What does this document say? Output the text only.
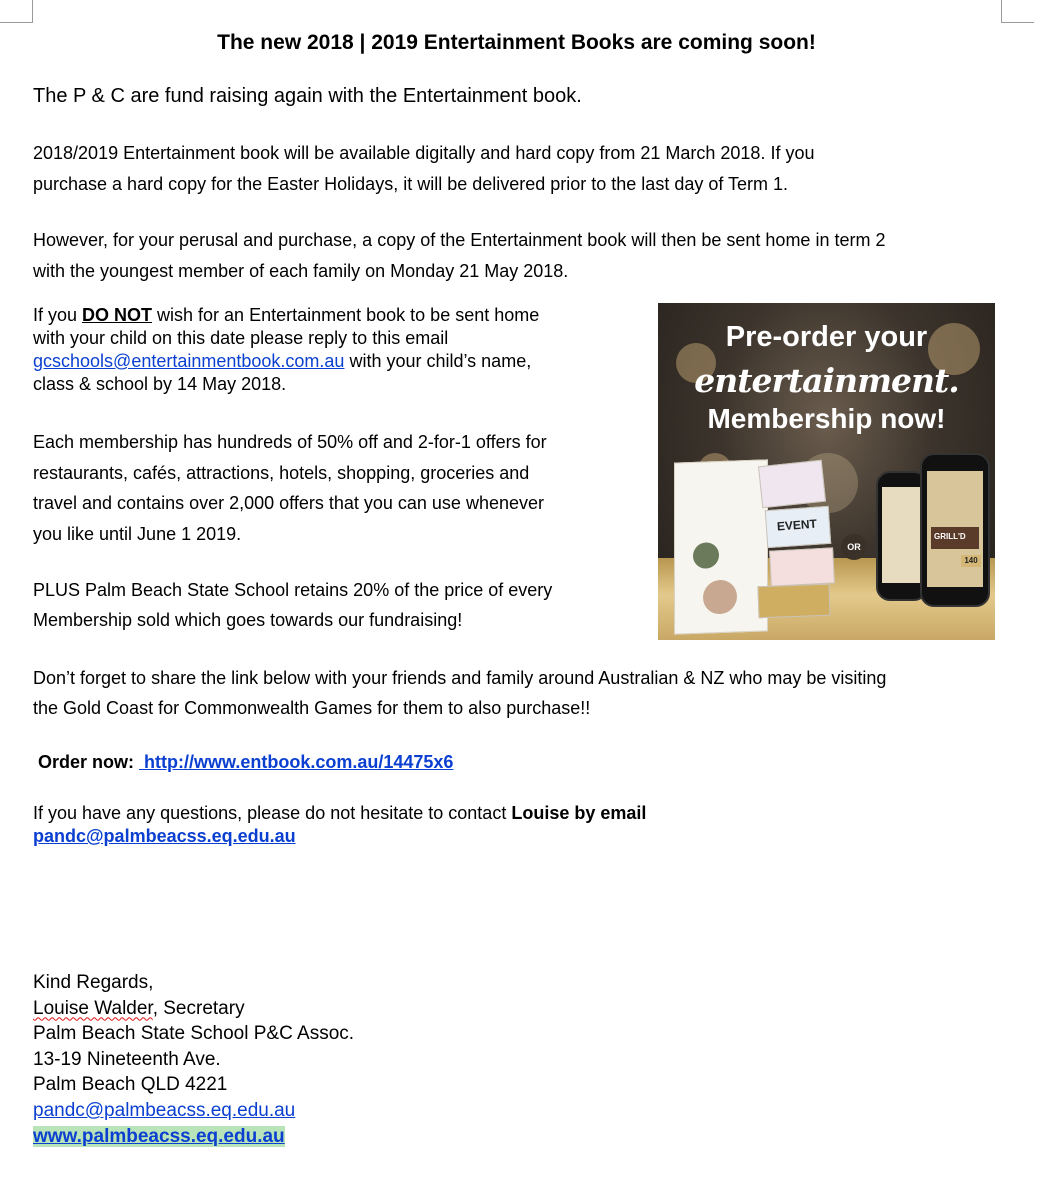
The new 2018 | 2019 Entertainment Books are coming soon!
The P & C are fund raising again with the Entertainment book.
2018/2019 Entertainment book will be available digitally and hard copy from 21 March 2018. If you
purchase a hard copy for the Easter Holidays, it will be delivered prior to the last day of Term 1.
However, for your perusal and purchase, a copy of the Entertainment book will then be sent home in term 2
with the youngest member of each family on Monday 21 May 2018.
If you DO NOT wish for an Entertainment book to be sent home
with your child on this date please reply to this email
gcschools@entertainmentbook.com.au with your child’s name,
class & school by 14 May 2018.
Each membership has hundreds of 50% off and 2-for-1 offers for
restaurants, cafés, attractions, hotels, shopping, groceries and
travel and contains over 2,000 offers that you can use whenever
you like until June 1 2019.
PLUS Palm Beach State School retains 20% of the price of every
Membership sold which goes towards our fundraising!
Pre-order your
entertainment.
Membership now!
EVENT
OR
GRILL'D
140
Don’t forget to share the link below with your friends and family around Australian & NZ who may be visiting
the Gold Coast for Commonwealth Games for them to also purchase!!
Order now:  http://www.entbook.com.au/14475x6
If you have any questions, please do not hesitate to contact Louise by email
pandc@palmbeacss.eq.edu.au
Kind Regards,
Louise Walder, Secretary
Palm Beach State School P&C Assoc.
13-19 Nineteenth Ave.
Palm Beach QLD 4221
pandc@palmbeacss.eq.edu.au
www.palmbeacss.eq.edu.au
